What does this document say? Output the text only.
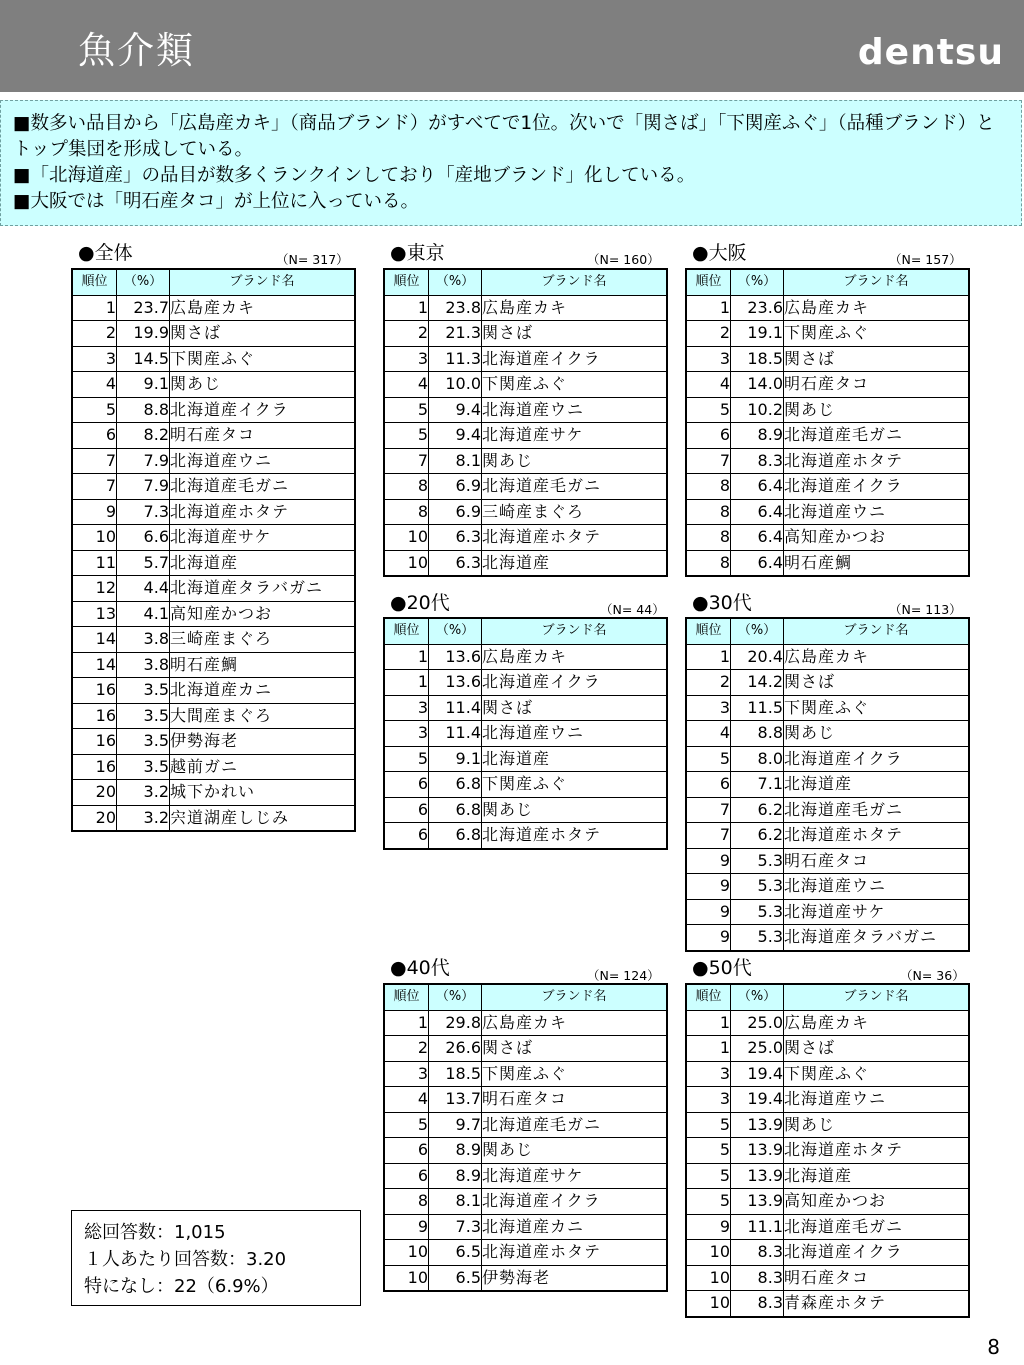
魚介類	dentsu
■数多い品目から「広島産カキ」（商品ブランド）がすべてで1位。次いで「関さば」「下関産ふぐ」（品種ブランド）とトップ集団を形成している。
■「北海道産」の品目が数多くランクインしており「産地ブランド」化している。
■大阪では「明石産タコ」が上位に入っている。
●全体	（N= 317）
順位	（%）	ブランド名
1	23.7	広島産カキ
2	19.9	関さば
3	14.5	下関産ふぐ
4	9.1	関あじ
5	8.8	北海道産イクラ
6	8.2	明石産タコ
7	7.9	北海道産ウニ
7	7.9	北海道産毛ガニ
9	7.3	北海道産ホタテ
10	6.6	北海道産サケ
11	5.7	北海道産
12	4.4	北海道産タラバガニ
13	4.1	高知産かつお
14	3.8	三崎産まぐろ
14	3.8	明石産鯛
16	3.5	北海道産カニ
16	3.5	大間産まぐろ
16	3.5	伊勢海老
16	3.5	越前ガニ
20	3.2	城下かれい
20	3.2	宍道湖産しじみ
●東京	（N= 160）
順位	（%）	ブランド名
1	23.8	広島産カキ
2	21.3	関さば
3	11.3	北海道産イクラ
4	10.0	下関産ふぐ
5	9.4	北海道産ウニ
5	9.4	北海道産サケ
7	8.1	関あじ
8	6.9	北海道産毛ガニ
8	6.9	三崎産まぐろ
10	6.3	北海道産ホタテ
10	6.3	北海道産
●大阪	（N= 157）
順位	（%）	ブランド名
1	23.6	広島産カキ
2	19.1	下関産ふぐ
3	18.5	関さば
4	14.0	明石産タコ
5	10.2	関あじ
6	8.9	北海道産毛ガニ
7	8.3	北海道産ホタテ
8	6.4	北海道産イクラ
8	6.4	北海道産ウニ
8	6.4	高知産かつお
8	6.4	明石産鯛
●20代	（N= 44）
順位	（%）	ブランド名
1	13.6	広島産カキ
1	13.6	北海道産イクラ
3	11.4	関さば
3	11.4	北海道産ウニ
5	9.1	北海道産
6	6.8	下関産ふぐ
6	6.8	関あじ
6	6.8	北海道産ホタテ
●30代	（N= 113）
順位	（%）	ブランド名
1	20.4	広島産カキ
2	14.2	関さば
3	11.5	下関産ふぐ
4	8.8	関あじ
5	8.0	北海道産イクラ
6	7.1	北海道産
7	6.2	北海道産毛ガニ
7	6.2	北海道産ホタテ
9	5.3	明石産タコ
9	5.3	北海道産ウニ
9	5.3	北海道産サケ
9	5.3	北海道産タラバガニ
●40代	（N= 124）
順位	（%）	ブランド名
1	29.8	広島産カキ
2	26.6	関さば
3	18.5	下関産ふぐ
4	13.7	明石産タコ
5	9.7	北海道産毛ガニ
6	8.9	関あじ
6	8.9	北海道産サケ
8	8.1	北海道産イクラ
9	7.3	北海道産カニ
10	6.5	北海道産ホタテ
10	6.5	伊勢海老
●50代	（N= 36）
順位	（%）	ブランド名
1	25.0	広島産カキ
1	25.0	関さば
3	19.4	下関産ふぐ
3	19.4	北海道産ウニ
5	13.9	関あじ
5	13.9	北海道産ホタテ
5	13.9	北海道産
5	13.9	高知産かつお
9	11.1	北海道産毛ガニ
10	8.3	北海道産イクラ
10	8.3	明石産タコ
10	8.3	青森産ホタテ
総回答数：1,015
１人あたり回答数：3.20
特になし：22（6.9%）
8
